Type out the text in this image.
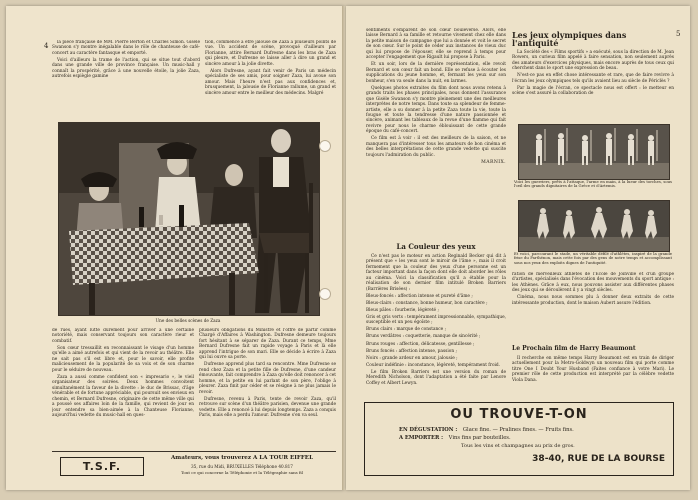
4	la pièce française de MM. Pierre Berton et Charles Simon. Gisèle Swanson s'y montre inégalable dans le rôle de chanteuse de café-concert au caractère fantasque et emporté.

Voici d'ailleurs la trame de l'action, qui se situe tout d'abord dans une grande ville de province française. Un music-hall y connaît la prospérité, grâce à une nouvelle étoile, la jolie Zaza, autrefois espiègle gamine

tion, commence à être jalouse de Zaza à plusieurs points de vue. Un accident de scène, provoqué d'ailleurs par Florianne, attire Bernard Dufresne dans les bras de Zaza qui pleure, et Dufresne se laisse aller à dire un grand et sincère amour à la jolie divette.

Alors Dufresne, ayant fait venir de Paris un médecin spécialiste de ses amis, pour soigner Zaza, lui avoue son amour. Mais l'heure n'est pas aux confidences et, brusquement, la jalousie de Florianne rallume, un grand et sincère amour entre le meilleur des médecins. Malgré

Une des belles scènes de Zaza

de rues, ayant lutté durement pour arriver à une certaine notoriété, mais conservant toujours son caractère rieur et combatif.

Son cœur tressaillit en reconnaissant le visage d'un homme qu'elle a aimé autrefois et qui vient de la revoir au théâtre. Elle ne sait pas s'il est libre et, pour le savoir, elle profite malicieusement de la popularité de sa voix et de son charme pour le séduire de nouveau.

Zaza a aussi comme confident son « impresario », le vieil organisateur des soirées. Deux hommes convoitent simultanément la faveur de la divette : le duc de Brissac, d'âge vénérable et de fortune appréciable, qui poursuit ses envieux en chemin, et Bernard Dufresne, originaire de cette même ville qui a poussé ses affaires loin de la famille, qui revient de jour en jour entendre sa bien-aimée à la Chanteuse Florianne, aujourd'hui vedette du music-hall en ques-

plusieurs obligations du Ministre et l'offre de partir comme Chargé d'Affaires à Washington. Dufresne demeure toujours fort hésitant à se séparer de Zaza. Durant ce temps, Mme Bernard Dufresne fait un rapide voyage à Paris et là elle apprend l'intrigue de son mari. Elle se décide à écrire à Zaza qui lui ouvre sa porte.

Dufresne apprend plus tard sa rencontre. Mme Dufresne se rend chez Zaza et la petite fille de Dufresne, d'une candeur émouvante, fait comprendre à Zaza qu'elle doit renoncer à cet homme, et la petite en lui parlant de son père, l'oblige à pleurer. Zaza finit par céder et se résigne à ne plus jamais le revoir.

Dufresne, revenu à Paris, tente de revoir Zaza, qu'il retrouve sur scène d'un théâtre parisien, devenue une grande vedette. Elle a renoncé à lui depuis longtemps. Zaza a conquis Paris, mais elle a perdu l'amour. Dufresne s'en va seul.

T.S.F.
Amateurs, vous trouverez A LA TOUR EIFFEL
35, rue du Midi, BRUXELLES Téléphone 40.817
Tout ce qui concerne la Téléphonie et la Télégraphie sans fil
5

sentiments s'emparent de son cœur bouleversé. Alors, elle laisse Bernard à sa famille et retourne vivement chez elle dans la petite maison de campagne que lui a donnée et voit le secret de son cœur. Sur le point de céder aux instances de vieux duc qui lui propose de l'épouser, elle se reprend à temps pour accepter l'engagement que Rigault lui propose à Paris.

Et un soir, lors de la dernière représentation, elle revoit Bernard et son cœur fait un bond. Elle se refuse à écouter les supplications du jeune homme, et, fermant les yeux sur son bonheur, s'en va seule dans la nuit, en larmes.

Quelques photos extraites du film dont nous avons retenu à grands traits les phases principales, nous donnent l'assurance que Gisèle Swanson s'y montre pleinement une des meilleures interprètes de notre temps. Dans toute sa splendeur de femme-artiste, elle a su donner à la petite Zaza toute la vie, toute la fougue et toute la tendresse d'une nature passionnée et sincère, animant les tableaux de la revue d'une flamme qui fait revivre pour nous le charme éblouissant de cette grande époque du café-concert.

Ce film est à voir : il est des meilleurs de la saison, et ne manquera pas d'intéresser tous les amateurs de bon cinéma et des belles interprétations de cette grande vedette qui suscite toujours l'admiration du public.

MARNIX.
La Couleur des yeux

Ce n'est pas le moteur en action Reginald Becker qui dit à présent que « les yeux sont le miroir de l'âme », mais il croit fermement que la couleur des yeux d'une personne est un facteur important dans la façon dont elle doit aborder les rôles au cinéma. Voici la classification qu'il a établie pour la réalisation de son dernier film intitulé Broken Barriers (Barrières Brisées) :

Bleus-foncés : affection intense et pureté d'âme ;

Bleus-clairs : constance, bonne humeur, bon caractère ;

Bleus pâles : fourberie, légèreté ;

Gris et gris verts : tempérament impressionnable, sympathique, susceptible et un peu égoïste ;

Bruns clairs : marque de constance ;

Bruns verdâtres : coquetterie, manque de sincérité ;

Bruns rouges : affection, délicatesse, gentillesse ;

Bruns foncés : affection intense, passion ;

Noirs : grande ardeur en amour, jalousie ;

Couleur indéfinie : inconstance, légèreté, tempérament froid.

Le film Broken Barriers est une version du roman de Meredith Nicholson, dont l'adaptation a été faite par Lenore Coffey et Albert Lewyn.

Les jeux olympiques dans l'antiquité

La Société des « Films sportifs » a exécuté, sous la direction de M. Jean Rowers, un curieux film appelé à faire sensation, non seulement auprès des amateurs d'exercices physiques, mais encore auprès de tous ceux qui cherchent dans le sport une expression de beau.

N'est-ce pas en effet chose intéressante et rare, que de faire revivre à l'écran les jeux olympiques tels qu'ils avaient lieu au siècle de Périclès ?

Par la magie de l'écran, ce spectacle nous est offert : le metteur en scène s'est assuré la collaboration de

Voici les guerriers, prêts à l'attaque, l'arme en main, à la lueur des torches, sous l'œil des grands dignitaires de la Grèce et d'Artemis.
Et voici, parcourant le stade, un véritable défilé d'athlètes, inspiré de la grande frise du Parthénon, mais cette fois par des gens de notre temps et accomplissant sous nos yeux des exploits dignes de l'antiquité.

ration de merveilleux athlètes de l'École de Joinville et d'un groupe d'artistes, spécialisés dans l'évocation des mouvements du sport antique : les Athènes. Grâce à eux, nous pouvons assister aux différentes phases des jeux qui se déroulèrent il y a vingt siècles.

Cinéma, nous nous sommes plu à donner deux extraits de cette intéressante production, dont le maison Aubert assure l'édition.

Le Prochain film de Harry Beaumont

Il recherche en même temps Harry Beaumont est en train de diriger actuellement pour la Metro-Goldwyn un nouveau film qui porte comme titre One I Doubt Your Husband (Faites confiance à votre Mari). Le premier rôle de cette production est interprété par la célèbre vedette Viola Dana.

OU TROUVE-T-ON
EN DÉGUSTATION : Glace fine. — Pralines fines. — Fruits fins.
A EMPORTER : Vins fins par bouteilles.
Tous les vins et champagnes au prix de gros.
38-40, RUE DE LA BOURSE
